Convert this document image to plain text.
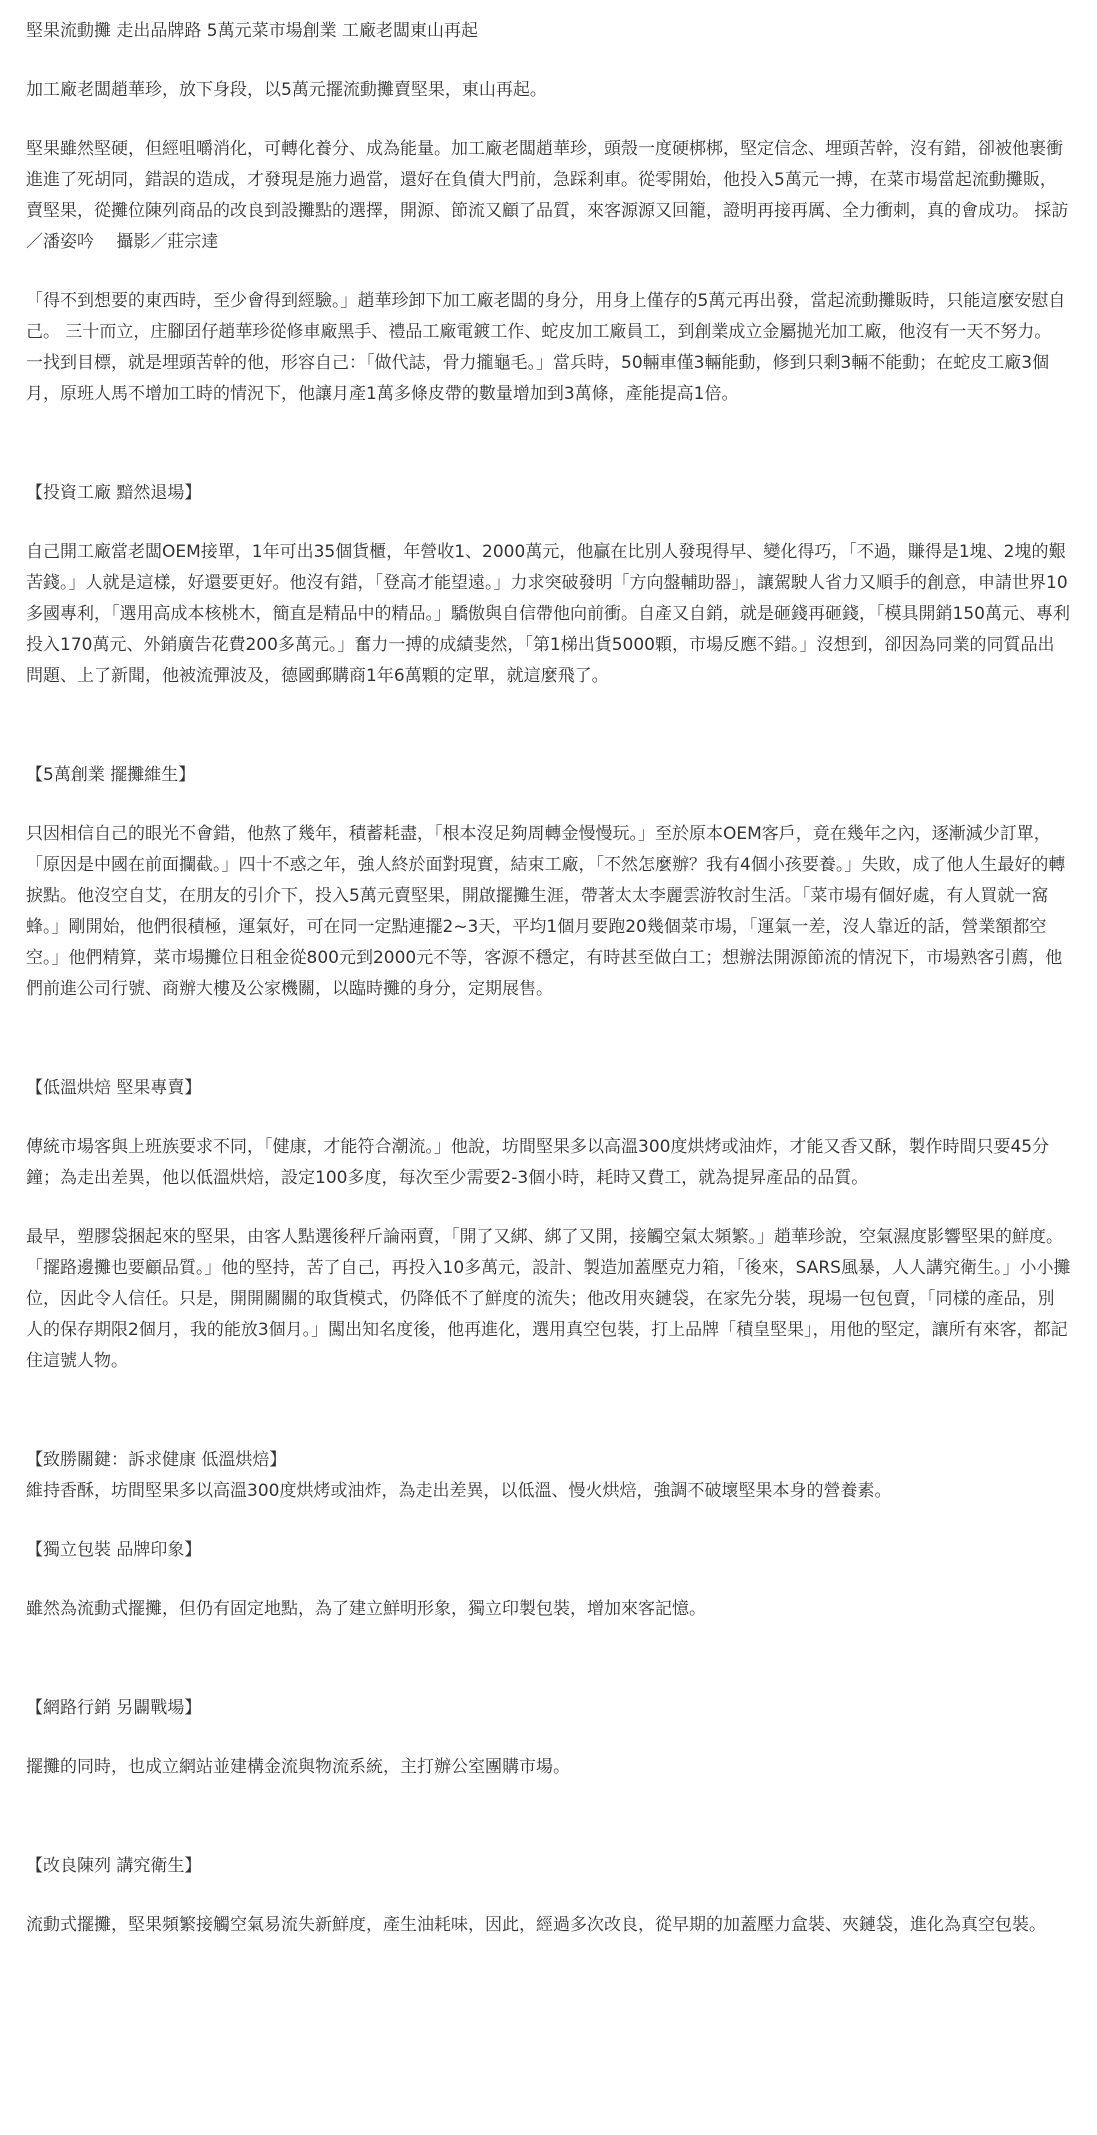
堅果流動攤 走出品牌路 5萬元菜市場創業 工廠老闆東山再起
加工廠老闆趙華珍，放下身段，以5萬元擺流動攤賣堅果，東山再起。
堅果雖然堅硬，但經咀嚼消化，可轉化養分、成為能量。加工廠老闆趙華珍，頭殼一度硬梆梆，堅定信念、埋頭苦幹，沒有錯，卻被他裹衝進進了死胡同，錯誤的造成，才發現是施力過當，還好在負債大門前，急踩剎車。從零開始，他投入5萬元一搏，在菜市場當起流動攤販，賣堅果，從攤位陳列商品的改良到設攤點的選擇，開源、節流又顧了品質，來客源源又回籠，證明再接再厲、全力衝刺，真的會成功。 採訪／潘姿吟　 攝影／莊宗達
「得不到想要的東西時，至少會得到經驗。」趙華珍卸下加工廠老闆的身分，用身上僅存的5萬元再出發，當起流動攤販時，只能這麼安慰自己。 三十而立，庄腳囝仔趙華珍從修車廠黑手、禮品工廠電鍍工作、蛇皮加工廠員工，到創業成立金屬拋光加工廠，他沒有一天不努力。 一找到目標，就是埋頭苦幹的他，形容自己：「做代誌，骨力攏龜毛。」當兵時，50輛車僅3輛能動，修到只剩3輛不能動；在蛇皮工廠3個月，原班人馬不增加工時的情況下，他讓月產1萬多條皮帶的數量增加到3萬條，產能提高1倍。
【投資工廠 黯然退場】
自己開工廠當老闆OEM接單，1年可出35個貨櫃，年營收1、2000萬元，他贏在比別人發現得早、變化得巧，「不過，賺得是1塊、2塊的艱苦錢。」人就是這樣，好還要更好。他沒有錯，「登高才能望遠。」力求突破發明「方向盤輔助器」，讓駕駛人省力又順手的創意，申請世界10多國專利，「選用高成本核桃木，簡直是精品中的精品。」驕傲與自信帶他向前衝。自產又自銷，就是砸錢再砸錢，「模具開銷150萬元、專利投入170萬元、外銷廣告花費200多萬元。」奮力一搏的成績斐然，「第1梯出貨5000顆，市場反應不錯。」沒想到，卻因為同業的同質品出問題、上了新聞，他被流彈波及，德國郵購商1年6萬顆的定單，就這麼飛了。
【5萬創業 擺攤維生】
只因相信自己的眼光不會錯，他熬了幾年，積蓄耗盡，「根本沒足夠周轉金慢慢玩。」至於原本OEM客戶，竟在幾年之內，逐漸減少訂單，「原因是中國在前面攔截。」四十不惑之年，強人終於面對現實，結束工廠，「不然怎麼辦？我有4個小孩要養。」失敗，成了他人生最好的轉捩點。他沒空自艾，在朋友的引介下，投入5萬元賣堅果，開啟擺攤生涯，帶著太太李麗雲游牧討生活。「菜市場有個好處，有人買就一窩蜂。」剛開始，他們很積極，運氣好，可在同一定點連擺2~3天，平均1個月要跑20幾個菜市場，「運氣一差，沒人靠近的話，營業額都空空。」他們精算，菜市場攤位日租金從800元到2000元不等，客源不穩定，有時甚至做白工；想辦法開源節流的情況下，市場熟客引薦，他們前進公司行號、商辦大樓及公家機關，以臨時攤的身分，定期展售。
【低溫烘焙 堅果專賣】
傳統市場客與上班族要求不同，「健康，才能符合潮流。」他說，坊間堅果多以高溫300度烘烤或油炸，才能又香又酥，製作時間只要45分鐘；為走出差異，他以低溫烘焙，設定100多度，每次至少需要2-3個小時，耗時又費工，就為提昇產品的品質。
最早，塑膠袋捆起來的堅果，由客人點選後秤斤論兩賣，「開了又綁、綁了又開，接觸空氣太頻繁。」趙華珍說，空氣濕度影響堅果的鮮度。「擺路邊攤也要顧品質。」他的堅持，苦了自己，再投入10多萬元，設計、製造加蓋壓克力箱，「後來，SARS風暴，人人講究衛生。」小小攤位，因此令人信任。只是，開開關關的取貨模式，仍降低不了鮮度的流失；他改用夾鏈袋，在家先分裝，現場一包包賣，「同樣的產品，別人的保存期限2個月，我的能放3個月。」闖出知名度後，他再進化，選用真空包裝，打上品牌「積皇堅果」，用他的堅定，讓所有來客，都記住這號人物。
【致勝關鍵：訴求健康 低溫烘焙】
維持香酥，坊間堅果多以高溫300度烘烤或油炸，為走出差異，以低溫、慢火烘焙，強調不破壞堅果本身的營養素。
【獨立包裝 品牌印象】
雖然為流動式擺攤，但仍有固定地點，為了建立鮮明形象，獨立印製包裝，增加來客記憶。
【網路行銷 另闢戰場】
擺攤的同時，也成立網站並建構金流與物流系統，主打辦公室團購市場。
【改良陳列 講究衛生】
流動式擺攤，堅果頻繁接觸空氣易流失新鮮度，產生油耗味，因此，經過多次改良，從早期的加蓋壓力盒裝、夾鏈袋，進化為真空包裝。
